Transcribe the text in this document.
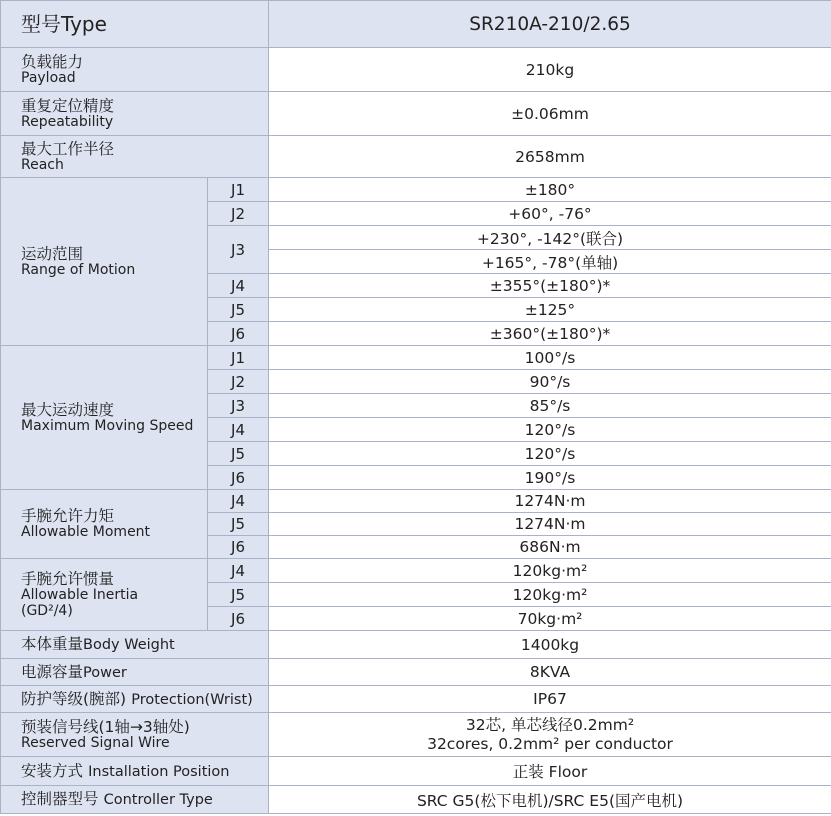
型号Type		SR210A-210/2.65

负载能力
Payload		210kg

重复定位精度
Repeatability		±0.06mm

最大工作半径
Reach		2658mm

运动范围
Range of Motion	J1	±180°
	J2	+60°, -76°
	J3	+230°, -142°(联合)
		+165°, -78°(单轴)
	J4	±355°(±180°)*
	J5	±125°
	J6	±360°(±180°)*

最大运动速度
Maximum Moving Speed	J1	100°/s
	J2	90°/s
	J3	85°/s
	J4	120°/s
	J5	120°/s
	J6	190°/s

手腕允许力矩
Allowable Moment	J4	1274N·m
	J5	1274N·m
	J6	686N·m

手腕允许惯量
Allowable Inertia
(GD²/4)	J4	120kg·m²
	J5	120kg·m²
	J6	70kg·m²
本体重量Body Weight		1400kg
电源容量Power		8KVA
防护等级(腕部) Protection(Wrist)		IP67

预装信号线(1轴→3轴处)
Reserved Signal Wire		32芯, 单芯线径0.2mm²
32cores, 0.2mm² per conductor

安装方式 Installation Position		正装 Floor
控制器型号 Controller Type		SRC G5(松下电机)/SRC E5(国产电机)
